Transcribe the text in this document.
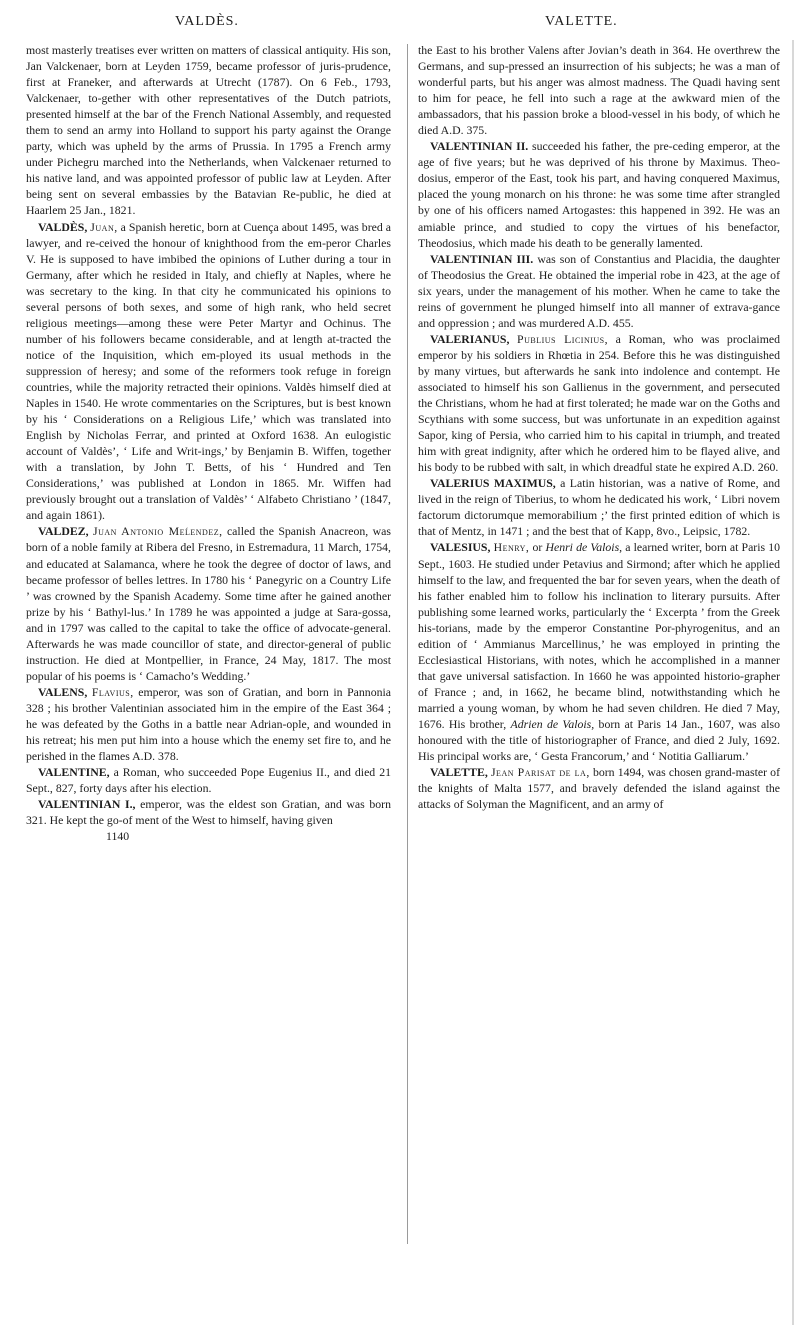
VALDÈS.	VALETTE.

most masterly treatises ever written on matters of classical antiquity. His son, Jan Valckenaer, born at Leyden 1759, became professor of juris-prudence, first at Franeker, and afterwards at Utrecht (1787). On 6 Feb., 1793, Valckenaer, to-gether with other representatives of the Dutch patriots, presented himself at the bar of the French National Assembly, and requested them to send an army into Holland to support his party against the Orange party, which was upheld by the arms of Prussia. In 1795 a French army under Pichegru marched into the Netherlands, when Valckenaer returned to his native land, and was appointed professor of public law at Leyden. After being sent on several embassies by the Batavian Re-public, he died at Haarlem 25 Jan., 1821.

VALDÈS, Juan, a Spanish heretic, born at Cuença about 1495, was bred a lawyer, and re-ceived the honour of knighthood from the em-peror Charles V. He is supposed to have imbibed the opinions of Luther during a tour in Germany, after which he resided in Italy, and chiefly at Naples, where he was secretary to the king. In that city he communicated his opinions to several persons of both sexes, and some of high rank, who held secret religious meetings—among these were Peter Martyr and Ochinus. The number of his followers became considerable, and at length at-tracted the notice of the Inquisition, which em-ployed its usual methods in the suppression of heresy; and some of the reformers took refuge in foreign countries, while the majority retracted their opinions. Valdès himself died at Naples in 1540. He wrote commentaries on the Scriptures, but is best known by his ‘ Considerations on a Religious Life,’ which was translated into English by Nicholas Ferrar, and printed at Oxford 1638. An eulogistic account of Valdès’, ‘ Life and Writ-ings,’ by Benjamin B. Wiffen, together with a translation, by John T. Betts, of his ‘ Hundred and Ten Considerations,’ was published at London in 1865. Mr. Wiffen had previously brought out a translation of Valdès’ ‘ Alfabeto Christiano ’ (1847, and again 1861).

VALDEZ, Juan Antonio Meĺendez, called the Spanish Anacreon, was born of a noble family at Ribera del Fresno, in Estremadura, 11 March, 1754, and educated at Salamanca, where he took the degree of doctor of laws, and became professor of belles lettres. In 1780 his ‘ Panegyric on a Country Life ’ was crowned by the Spanish Academy. Some time after he gained another prize by his ‘ Bathyl-lus.’ In 1789 he was appointed a judge at Sara-gossa, and in 1797 was called to the capital to take the office of advocate-general. Afterwards he was made councillor of state, and director-general of public instruction. He died at Montpellier, in France, 24 May, 1817. The most popular of his poems is ‘ Camacho’s Wedding.’

VALENS, Flavius, emperor, was son of Gratian, and born in Pannonia 328 ; his brother Valentinian associated him in the empire of the East 364 ; he was defeated by the Goths in a battle near Adrian-ople, and wounded in his retreat; his men put him into a house which the enemy set fire to, and he perished in the flames A.D. 378.

VALENTINE, a Roman, who succeeded Pope Eugenius II., and died 21 Sept., 827, forty days after his election.

VALENTINIAN I., emperor, was the eldest son Gratian, and was born 321. He kept the go-of ment of the West to himself, having given

1140

the East to his brother Valens after Jovian’s death in 364. He overthrew the Germans, and sup-pressed an insurrection of his subjects; he was a man of wonderful parts, but his anger was almost madness. The Quadi having sent to him for peace, he fell into such a rage at the awkward mien of the ambassadors, that his passion broke a blood-vessel in his body, of which he died A.D. 375.

VALENTINIAN II. succeeded his father, the pre-ceding emperor, at the age of five years; but he was deprived of his throne by Maximus. Theo-dosius, emperor of the East, took his part, and having conquered Maximus, placed the young monarch on his throne: he was some time after strangled by one of his officers named Artogastes: this happened in 392. He was an amiable prince, and studied to copy the virtues of his benefactor, Theodosius, which made his death to be generally lamented.

VALENTINIAN III. was son of Constantius and Placidia, the daughter of Theodosius the Great. He obtained the imperial robe in 423, at the age of six years, under the management of his mother. When he came to take the reins of government he plunged himself into all manner of extrava-gance and oppression ; and was murdered A.D. 455.

VALERIANUS, Publius Licinius, a Roman, who was proclaimed emperor by his soldiers in Rhœtia in 254. Before this he was distinguished by many virtues, but afterwards he sank into indolence and contempt. He associated to himself his son Gallienus in the government, and persecuted the Christians, whom he had at first tolerated; he made war on the Goths and Scythians with some success, but was unfortunate in an expedition against Sapor, king of Persia, who carried him to his capital in triumph, and treated him with great indignity, after which he ordered him to be flayed alive, and his body to be rubbed with salt, in which dreadful state he expired A.D. 260.

VALERIUS MAXIMUS, a Latin historian, was a native of Rome, and lived in the reign of Tiberius, to whom he dedicated his work, ‘ Libri novem factorum dictorumque memorabilium ;’ the first printed edition of which is that of Mentz, in 1471 ; and the best that of Kapp, 8vo., Leipsic, 1782.

VALESIUS, Henry, or Henri de Valois, a learned writer, born at Paris 10 Sept., 1603. He studied under Petavius and Sirmond; after which he applied himself to the law, and frequented the bar for seven years, when the death of his father enabled him to follow his inclination to literary pursuits. After publishing some learned works, particularly the ‘ Excerpta ’ from the Greek his-torians, made by the emperor Constantine Por-phyrogenitus, and an edition of ‘ Ammianus Marcellinus,’ he was employed in printing the Ecclesiastical Historians, with notes, which he accomplished in a manner that gave universal satisfaction. In 1660 he was appointed historio-grapher of France ; and, in 1662, he became blind, notwithstanding which he married a young woman, by whom he had seven children. He died 7 May, 1676. His brother, Adrien de Valois, born at Paris 14 Jan., 1607, was also honoured with the title of historiographer of France, and died 2 July, 1692. His principal works are, ‘ Gesta Francorum,’ and ‘ Notitia Galliarum.’

VALETTE, Jean Parisat de la, born 1494, was chosen grand-master of the knights of Malta 1577, and bravely defended the island against the attacks of Solyman the Magnificent, and an army of
